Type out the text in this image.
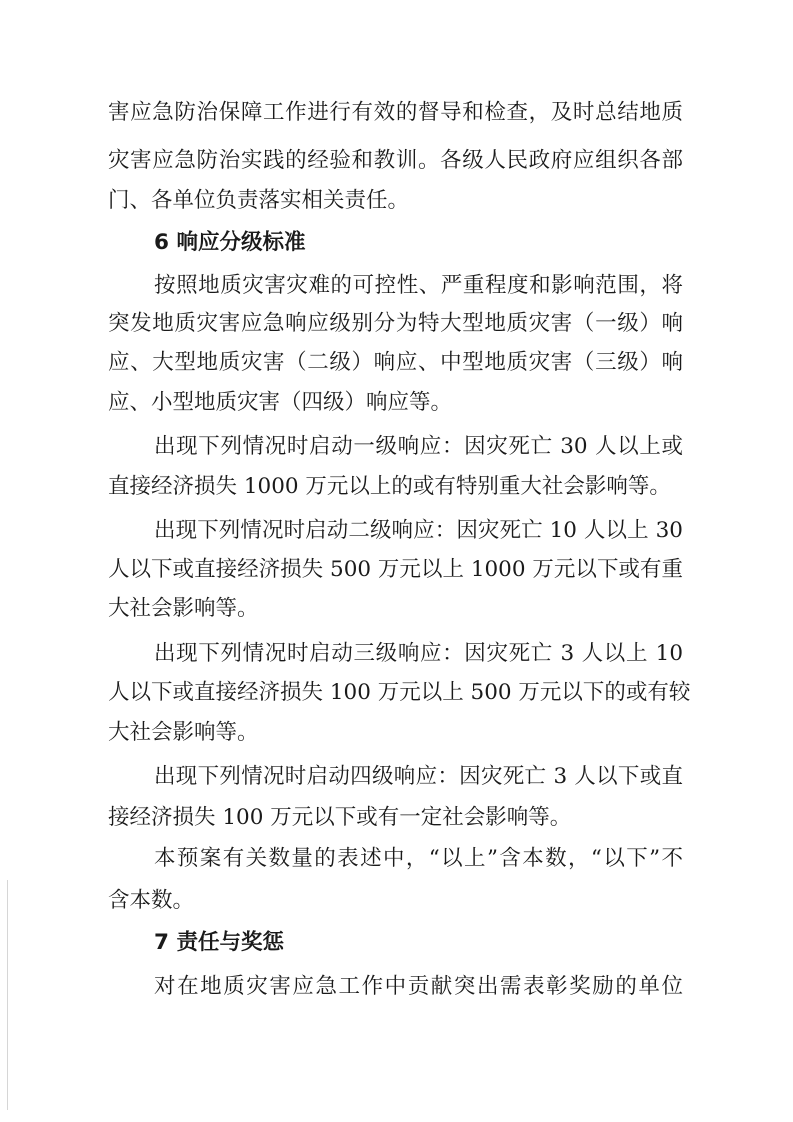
害应急防治保障工作进行有效的督导和检查，及时总结地质
灾害应急防治实践的经验和教训。各级人民政府应组织各部
门、各单位负责落实相关责任。
6 响应分级标准
按照地质灾害灾难的可控性、严重程度和影响范围，将
突发地质灾害应急响应级别分为特大型地质灾害（一级）响
应、大型地质灾害（二级）响应、中型地质灾害（三级）响
应、小型地质灾害（四级）响应等。
出现下列情况时启动一级响应：因灾死亡 30 人以上或
直接经济损失 1000 万元以上的或有特别重大社会影响等。
出现下列情况时启动二级响应：因灾死亡 10 人以上 30
人以下或直接经济损失 500 万元以上 1000 万元以下或有重
大社会影响等。
出现下列情况时启动三级响应：因灾死亡 3 人以上 10
人以下或直接经济损失 100 万元以上 500 万元以下的或有较
大社会影响等。
出现下列情况时启动四级响应：因灾死亡 3 人以下或直
接经济损失 100 万元以下或有一定社会影响等。
本预案有关数量的表述中，“以上”含本数，“以下”不
含本数。
7 责任与奖惩
对在地质灾害应急工作中贡献突出需表彰奖励的单位
